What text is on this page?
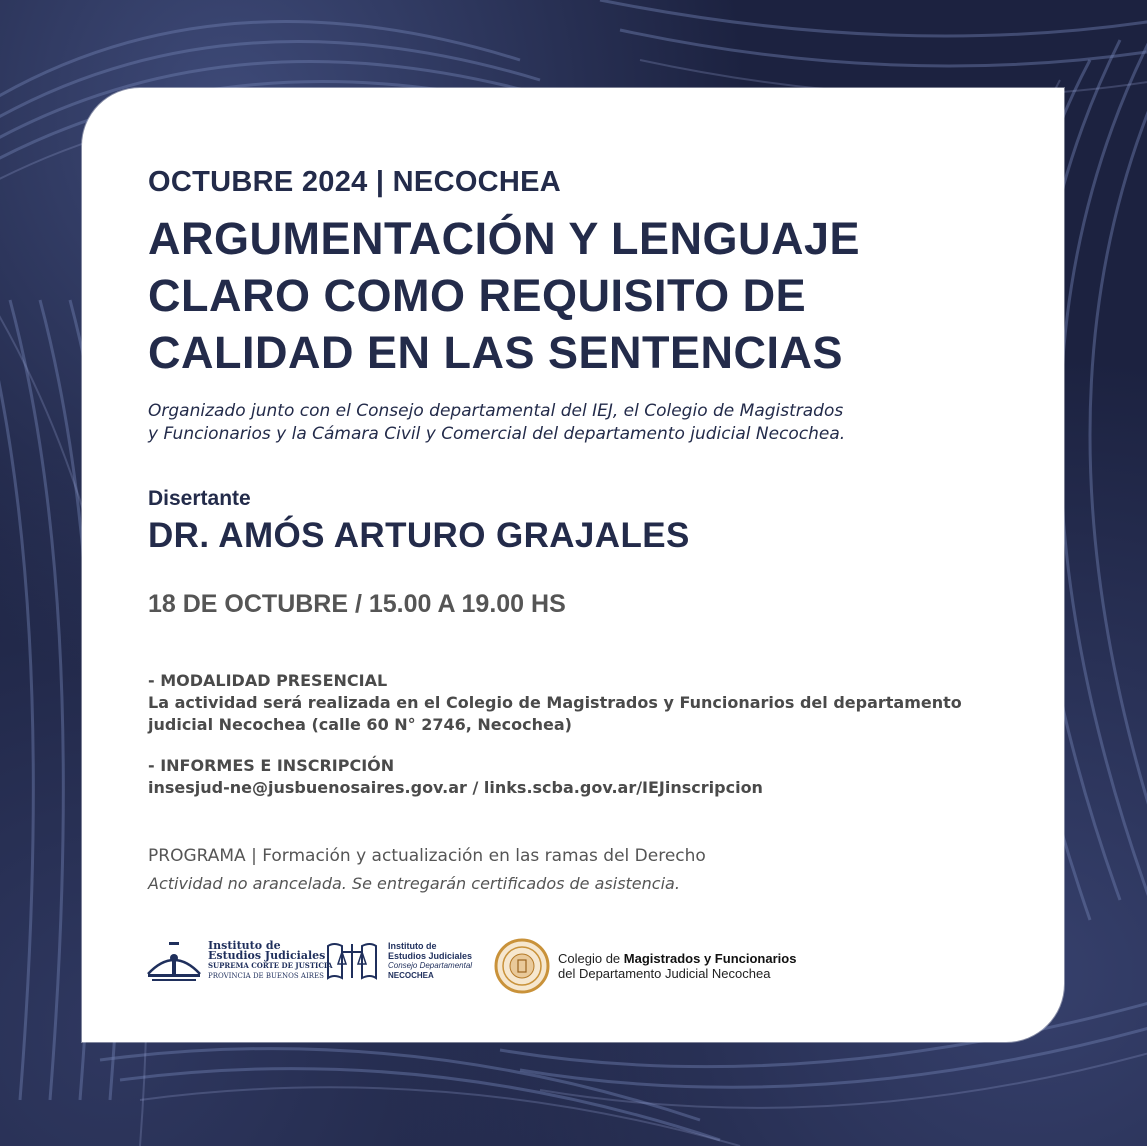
OCTUBRE 2024 | NECOCHEA

ARGUMENTACIÓN Y LENGUAJE
CLARO COMO REQUISITO DE
CALIDAD EN LAS SENTENCIAS
Organizado junto con el Consejo departamental del IEJ, el Colegio de Magistrados
y Funcionarios y la Cámara Civil y Comercial del departamento judicial Necochea.

Disertante

DR. AMÓS ARTURO GRAJALES

18 DE OCTUBRE / 15.00 A 19.00 HS

- MODALIDAD PRESENCIAL
La actividad será realizada en el Colegio de Magistrados y Funcionarios del departamento
judicial Necochea (calle 60 N° 2746, Necochea)
- INFORMES E INSCRIPCIÓN
insesjud-ne@jusbuenosaires.gov.ar / links.scba.gov.ar/IEJinscripcion

PROGRAMA | Formación y actualización en las ramas del Derecho

Actividad no arancelada. Se entregarán certificados de asistencia.

Instituto de
Estudios Judiciales
SUPREMA CORTE DE JUSTICIA
PROVINCIA DE BUENOS AIRES
Instituto de
Estudios Judiciales
Consejo Departamental
NECOCHEA
Colegio de Magistrados y Funcionarios
del Departamento Judicial Necochea
